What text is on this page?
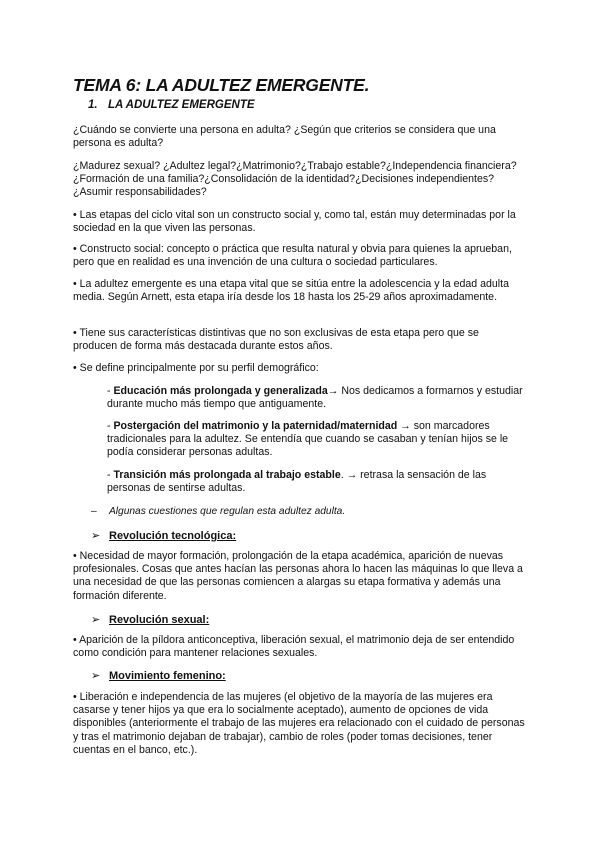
TEMA 6: LA ADULTEZ EMERGENTE.
1. LA ADULTEZ EMERGENTE

¿Cuándo se convierte una persona en adulta? ¿Según que criterios se considera que una persona es adulta?

¿Madurez sexual? ¿Adultez legal?¿Matrimonio?¿Trabajo estable?¿Independencia financiera?¿Formación de una familia?¿Consolidación de la identidad?¿Decisiones independientes?¿Asumir responsabilidades?

• Las etapas del ciclo vital son un constructo social y, como tal, están muy determinadas por la sociedad en la que viven las personas.

• Constructo social: concepto o práctica que resulta natural y obvia para quienes la aprueban, pero que en realidad es una invención de una cultura o sociedad particulares.

• La adultez emergente es una etapa vital que se sitúa entre la adolescencia y la edad adulta media. Según Arnett, esta etapa iría desde los 18 hasta los 25-29 años aproximadamente.

• Tiene sus características distintivas que no son exclusivas de esta etapa pero que se producen de forma más destacada durante estos años.

• Se define principalmente por su perfil demográfico:

- Educación más prolongada y generalizada→ Nos dedicamos a formarnos y estudiar durante mucho más tiempo que antiguamente.

- Postergación del matrimonio y la paternidad/maternidad → son marcadores tradicionales para la adultez. Se entendía que cuando se casaban y tenían hijos se le podía considerar personas adultas.

- Transición más prolongada al trabajo estable. → retrasa la sensación de las personas de sentirse adultas.

– Algunas cuestiones que regulan esta adultez adulta.

➢ Revolución tecnológica:

• Necesidad de mayor formación, prolongación de la etapa académica, aparición de nuevas profesionales. Cosas que antes hacían las personas ahora lo hacen las máquinas lo que lleva a una necesidad de que las personas comiencen a alargas su etapa formativa y además una formación diferente.

➢ Revolución sexual:

• Aparición de la píldora anticonceptiva, liberación sexual, el matrimonio deja de ser entendido como condición para mantener relaciones sexuales.

➢ Movimiento femenino:

• Liberación e independencia de las mujeres (el objetivo de la mayoría de las mujeres era casarse y tener hijos ya que era lo socialmente aceptado), aumento de opciones de vida disponibles (anteriormente el trabajo de las mujeres era relacionado con el cuidado de personas y tras el matrimonio dejaban de trabajar), cambio de roles (poder tomas decisiones, tener cuentas en el banco, etc.).
